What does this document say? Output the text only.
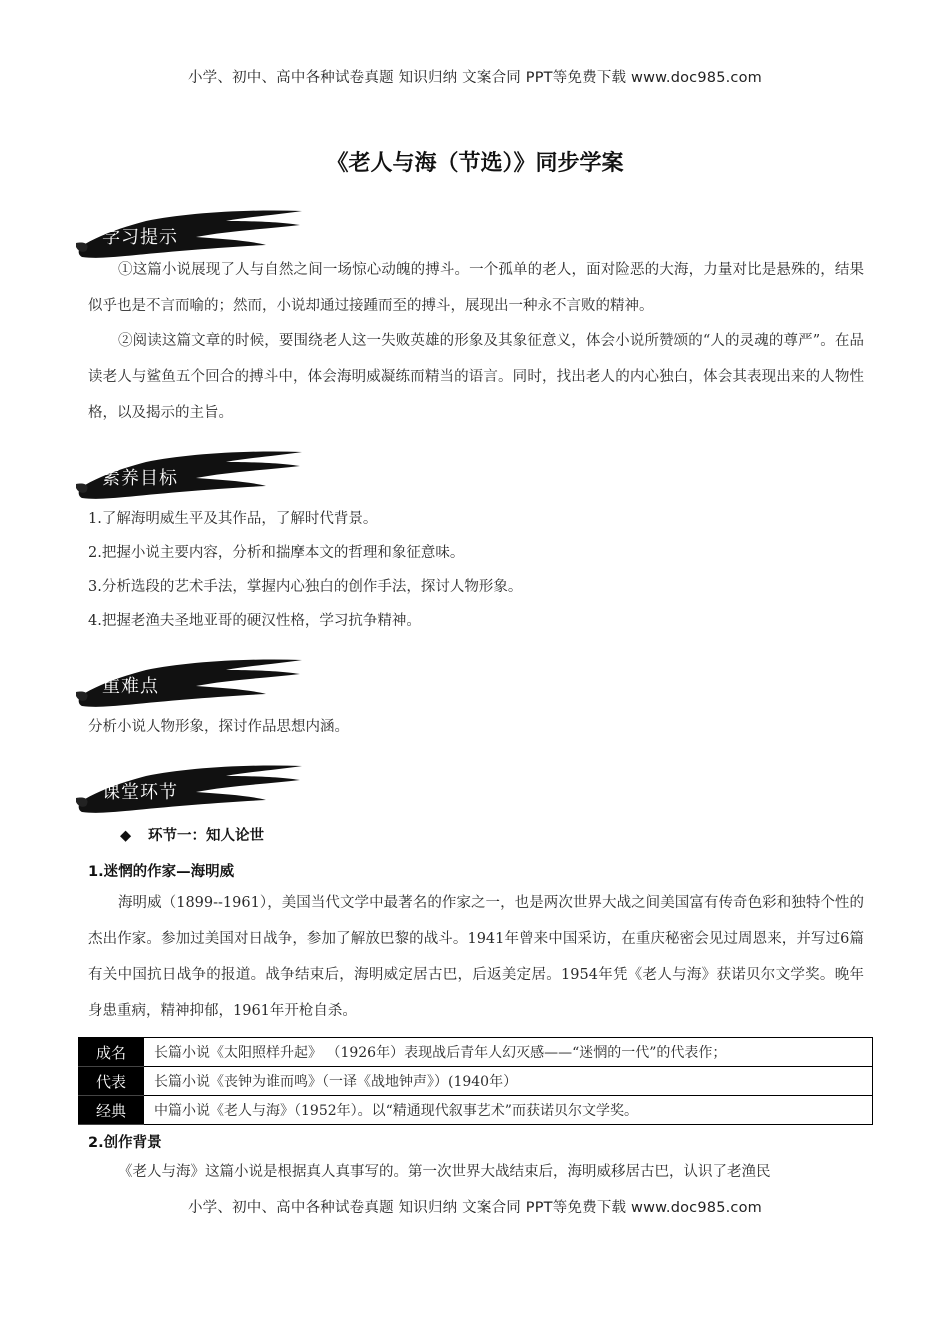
小学、初中、高中各种试卷真题 知识归纳 文案合同 PPT等免费下载 www.doc985.com
《老人与海（节选）》同步学案
学习提示
①这篇小说展现了人与自然之间一场惊心动魄的搏斗。一个孤单的老人，面对险恶的大海，力量对比是悬殊的，结果似乎也是不言而喻的；然而，小说却通过接踵而至的搏斗，展现出一种永不言败的精神。
②阅读这篇文章的时候，要围绕老人这一失败英雄的形象及其象征意义，体会小说所赞颂的“人的灵魂的尊严”。在品读老人与鲨鱼五个回合的搏斗中，体会海明威凝练而精当的语言。同时，找出老人的内心独白，体会其表现出来的人物性格，以及揭示的主旨。
素养目标
1.了解海明威生平及其作品，了解时代背景。
2.把握小说主要内容，分析和揣摩本文的哲理和象征意味。
3.分析选段的艺术手法，掌握内心独白的创作手法，探讨人物形象。
4.把握老渔夫圣地亚哥的硬汉性格，学习抗争精神。
重难点
分析小说人物形象，探讨作品思想内涵。
课堂环节
◆ 环节一：知人论世
1.迷惘的作家—海明威
海明威（1899--1961），美国当代文学中最著名的作家之一，也是两次世界大战之间美国富有传奇色彩和独特个性的杰出作家。参加过美国对日战争，参加了解放巴黎的战斗。1941年曾来中国采访，在重庆秘密会见过周恩来，并写过6篇有关中国抗日战争的报道。战争结束后，海明威定居古巴，后返美定居。1954年凭《老人与海》获诺贝尔文学奖。晚年身患重病，精神抑郁，1961年开枪自杀。
成名	长篇小说《太阳照样升起》 （1926年）表现战后青年人幻灭感——“迷惘的一代”的代表作；
代表	长篇小说《丧钟为谁而鸣》（一译《战地钟声》）(1940年）
经典	中篇小说《老人与海》（1952年）。以“精通现代叙事艺术”而获诺贝尔文学奖。
2.创作背景
《老人与海》这篇小说是根据真人真事写的。第一次世界大战结束后，海明威移居古巴，认识了老渔民
小学、初中、高中各种试卷真题 知识归纳 文案合同 PPT等免费下载 www.doc985.com
